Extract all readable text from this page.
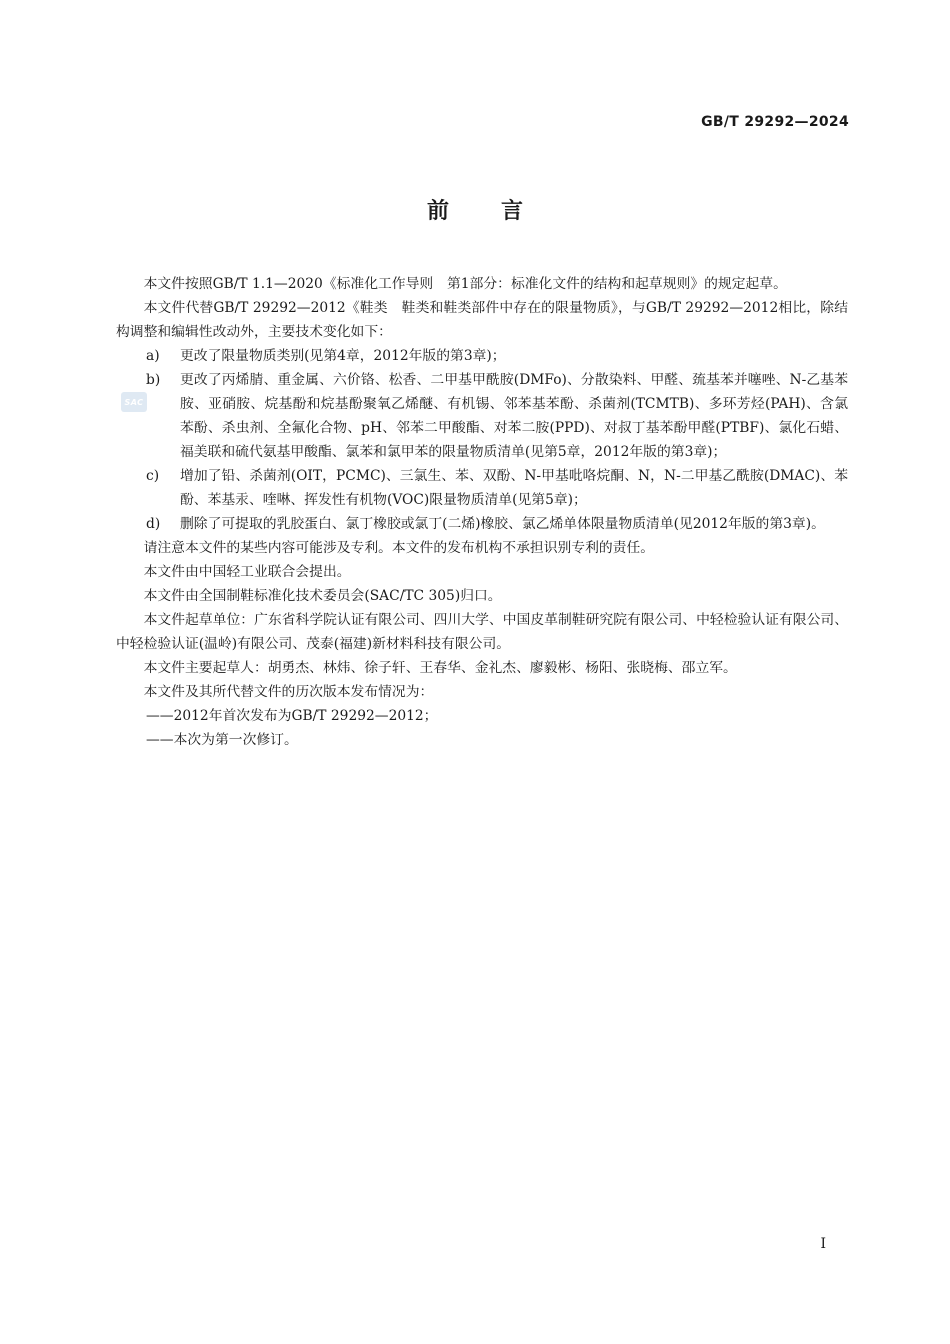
GB/T 29292—2024
前言
SAC

本文件按照GB/T 1.1—2020《标准化工作导则　第1部分：标准化文件的结构和起草规则》的规定起草。

本文件代替GB/T 29292—2012《鞋类　鞋类和鞋类部件中存在的限量物质》，与GB/T 29292—2012相比，除结构调整和编辑性改动外，主要技术变化如下：

a)	更改了限量物质类别(见第4章，2012年版的第3章)；
b)	更改了丙烯腈、重金属、六价铬、松香、二甲基甲酰胺(DMFo)、分散染料、甲醛、巯基苯并噻唑、N-乙基苯胺、亚硝胺、烷基酚和烷基酚聚氧乙烯醚、有机锡、邻苯基苯酚、杀菌剂(TCMTB)、多环芳烃(PAH)、含氯苯酚、杀虫剂、全氟化合物、pH、邻苯二甲酸酯、对苯二胺(PPD)、对叔丁基苯酚甲醛(PTBF)、氯化石蜡、福美联和硫代氨基甲酸酯、氯苯和氯甲苯的限量物质清单(见第5章，2012年版的第3章)；
c)	增加了铅、杀菌剂(OIT，PCMC)、三氯生、苯、双酚、N-甲基吡咯烷酮、N，N-二甲基乙酰胺(DMAC)、苯酚、苯基汞、喹啉、挥发性有机物(VOC)限量物质清单(见第5章)；
d)	删除了可提取的乳胶蛋白、氯丁橡胶或氯丁(二烯)橡胶、氯乙烯单体限量物质清单(见2012年版的第3章)。

请注意本文件的某些内容可能涉及专利。本文件的发布机构不承担识别专利的责任。

本文件由中国轻工业联合会提出。

本文件由全国制鞋标准化技术委员会(SAC/TC 305)归口。

本文件起草单位：广东省科学院认证有限公司、四川大学、中国皮革制鞋研究院有限公司、中轻检验认证有限公司、中轻检验认证(温岭)有限公司、茂泰(福建)新材料科技有限公司。

本文件主要起草人：胡勇杰、林炜、徐子轩、王春华、金礼杰、廖毅彬、杨阳、张晓梅、邵立军。

本文件及其所代替文件的历次版本发布情况为：

——2012年首次发布为GB/T 29292—2012；

——本次为第一次修订。

I
